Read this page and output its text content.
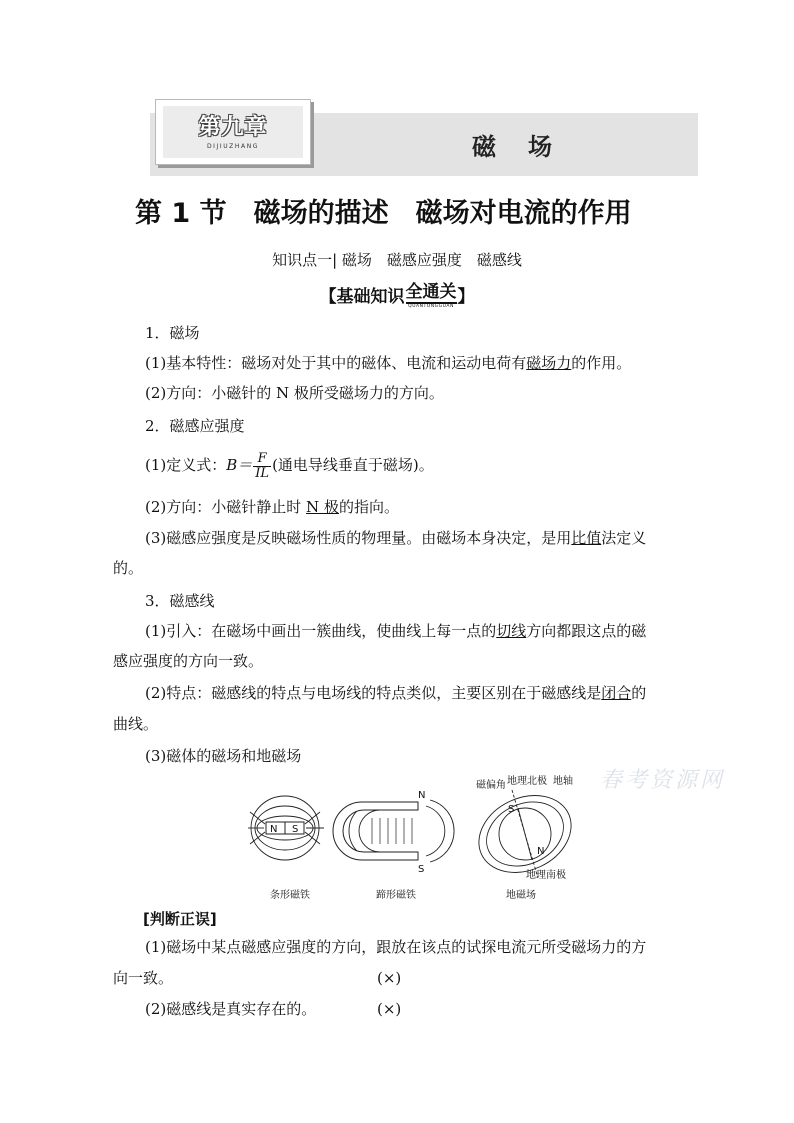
第九章
DIJIUZHANG	磁　场
第 1 节　磁场的描述　磁场对电流的作用
知识点一| 磁场　磁感应强度　磁感线
【基础知识 全通关
QUANTONGGUAN 】
1．磁场
(1)基本特性：磁场对处于其中的磁体、电流和运动电荷有磁场力的作用。
(2)方向：小磁针的 N 极所受磁场力的方向。
2．磁感应强度
(1)定义式：$B= \frac{F}{IL}$ (通电导线垂直于磁场)。
(2)方向：小磁针静止时 N 极的指向。
(3)磁感应强度是反映磁场性质的物理量。由磁场本身决定，是用比值法定义
的。
3．磁感线
(1)引入：在磁场中画出一簇曲线，使曲线上每一点的切线方向都跟这点的磁
感应强度的方向一致。
(2)特点：磁感线的特点与电场线的特点类似，主要区别在于磁感线是闭合的
曲线。
(3)磁体的磁场和地磁场
春考资源网
N S
N
S
磁偏角 地理北极 地轴
S
N
地理南极
条形磁铁	蹄形磁铁	地磁场
[判断正误]
(1)磁场中某点磁感应强度的方向，跟放在该点的试探电流元所受磁场力的方
向一致。	(×)
(2)磁感线是真实存在的。	(×)
